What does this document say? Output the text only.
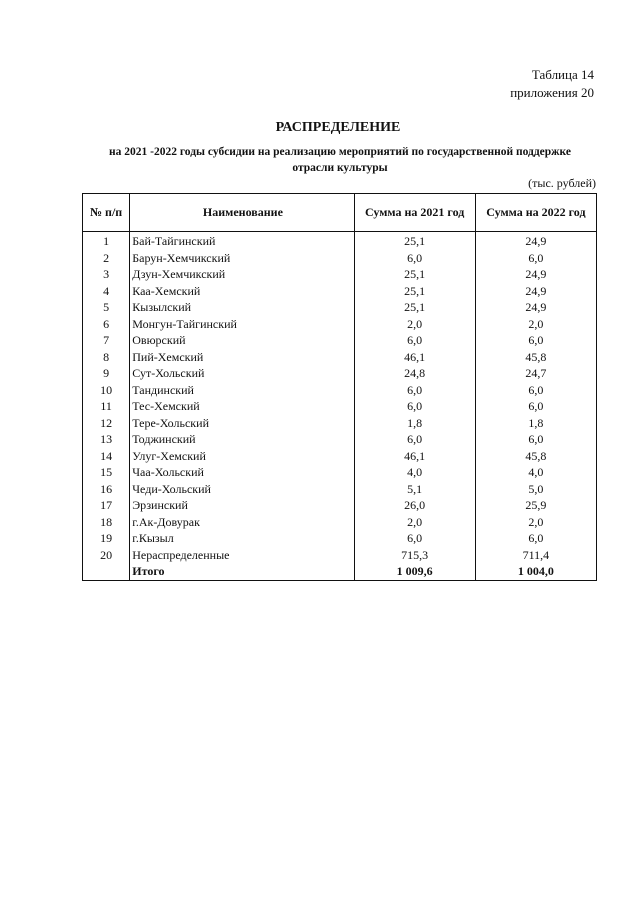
Таблица 14
приложения 20
РАСПРЕДЕЛЕНИЕ
на 2021 -2022 годы субсидии на реализацию мероприятий по государственной поддержке
отрасли культуры
(тыс. рублей)
№ п/п	Наименование	Сумма на 2021 год	Сумма на 2022 год
1	Бай-Тайгинский	25,1	24,9
2	Барун-Хемчикский	6,0	6,0
3	Дзун-Хемчикский	25,1	24,9
4	Каа-Хемский	25,1	24,9
5	Кызылский	25,1	24,9
6	Монгун-Тайгинский	2,0	2,0
7	Овюрский	6,0	6,0
8	Пий-Хемский	46,1	45,8
9	Сут-Хольский	24,8	24,7
10	Тандинский	6,0	6,0
11	Тес-Хемский	6,0	6,0
12	Тере-Хольский	1,8	1,8
13	Тоджинский	6,0	6,0
14	Улуг-Хемский	46,1	45,8
15	Чаа-Хольский	4,0	4,0
16	Чеди-Хольский	5,1	5,0
17	Эрзинский	26,0	25,9
18	г.Ак-Довурак	2,0	2,0
19	г.Кызыл	6,0	6,0
20	Нераспределенные	715,3	711,4
	Итого	1 009,6	1 004,0
